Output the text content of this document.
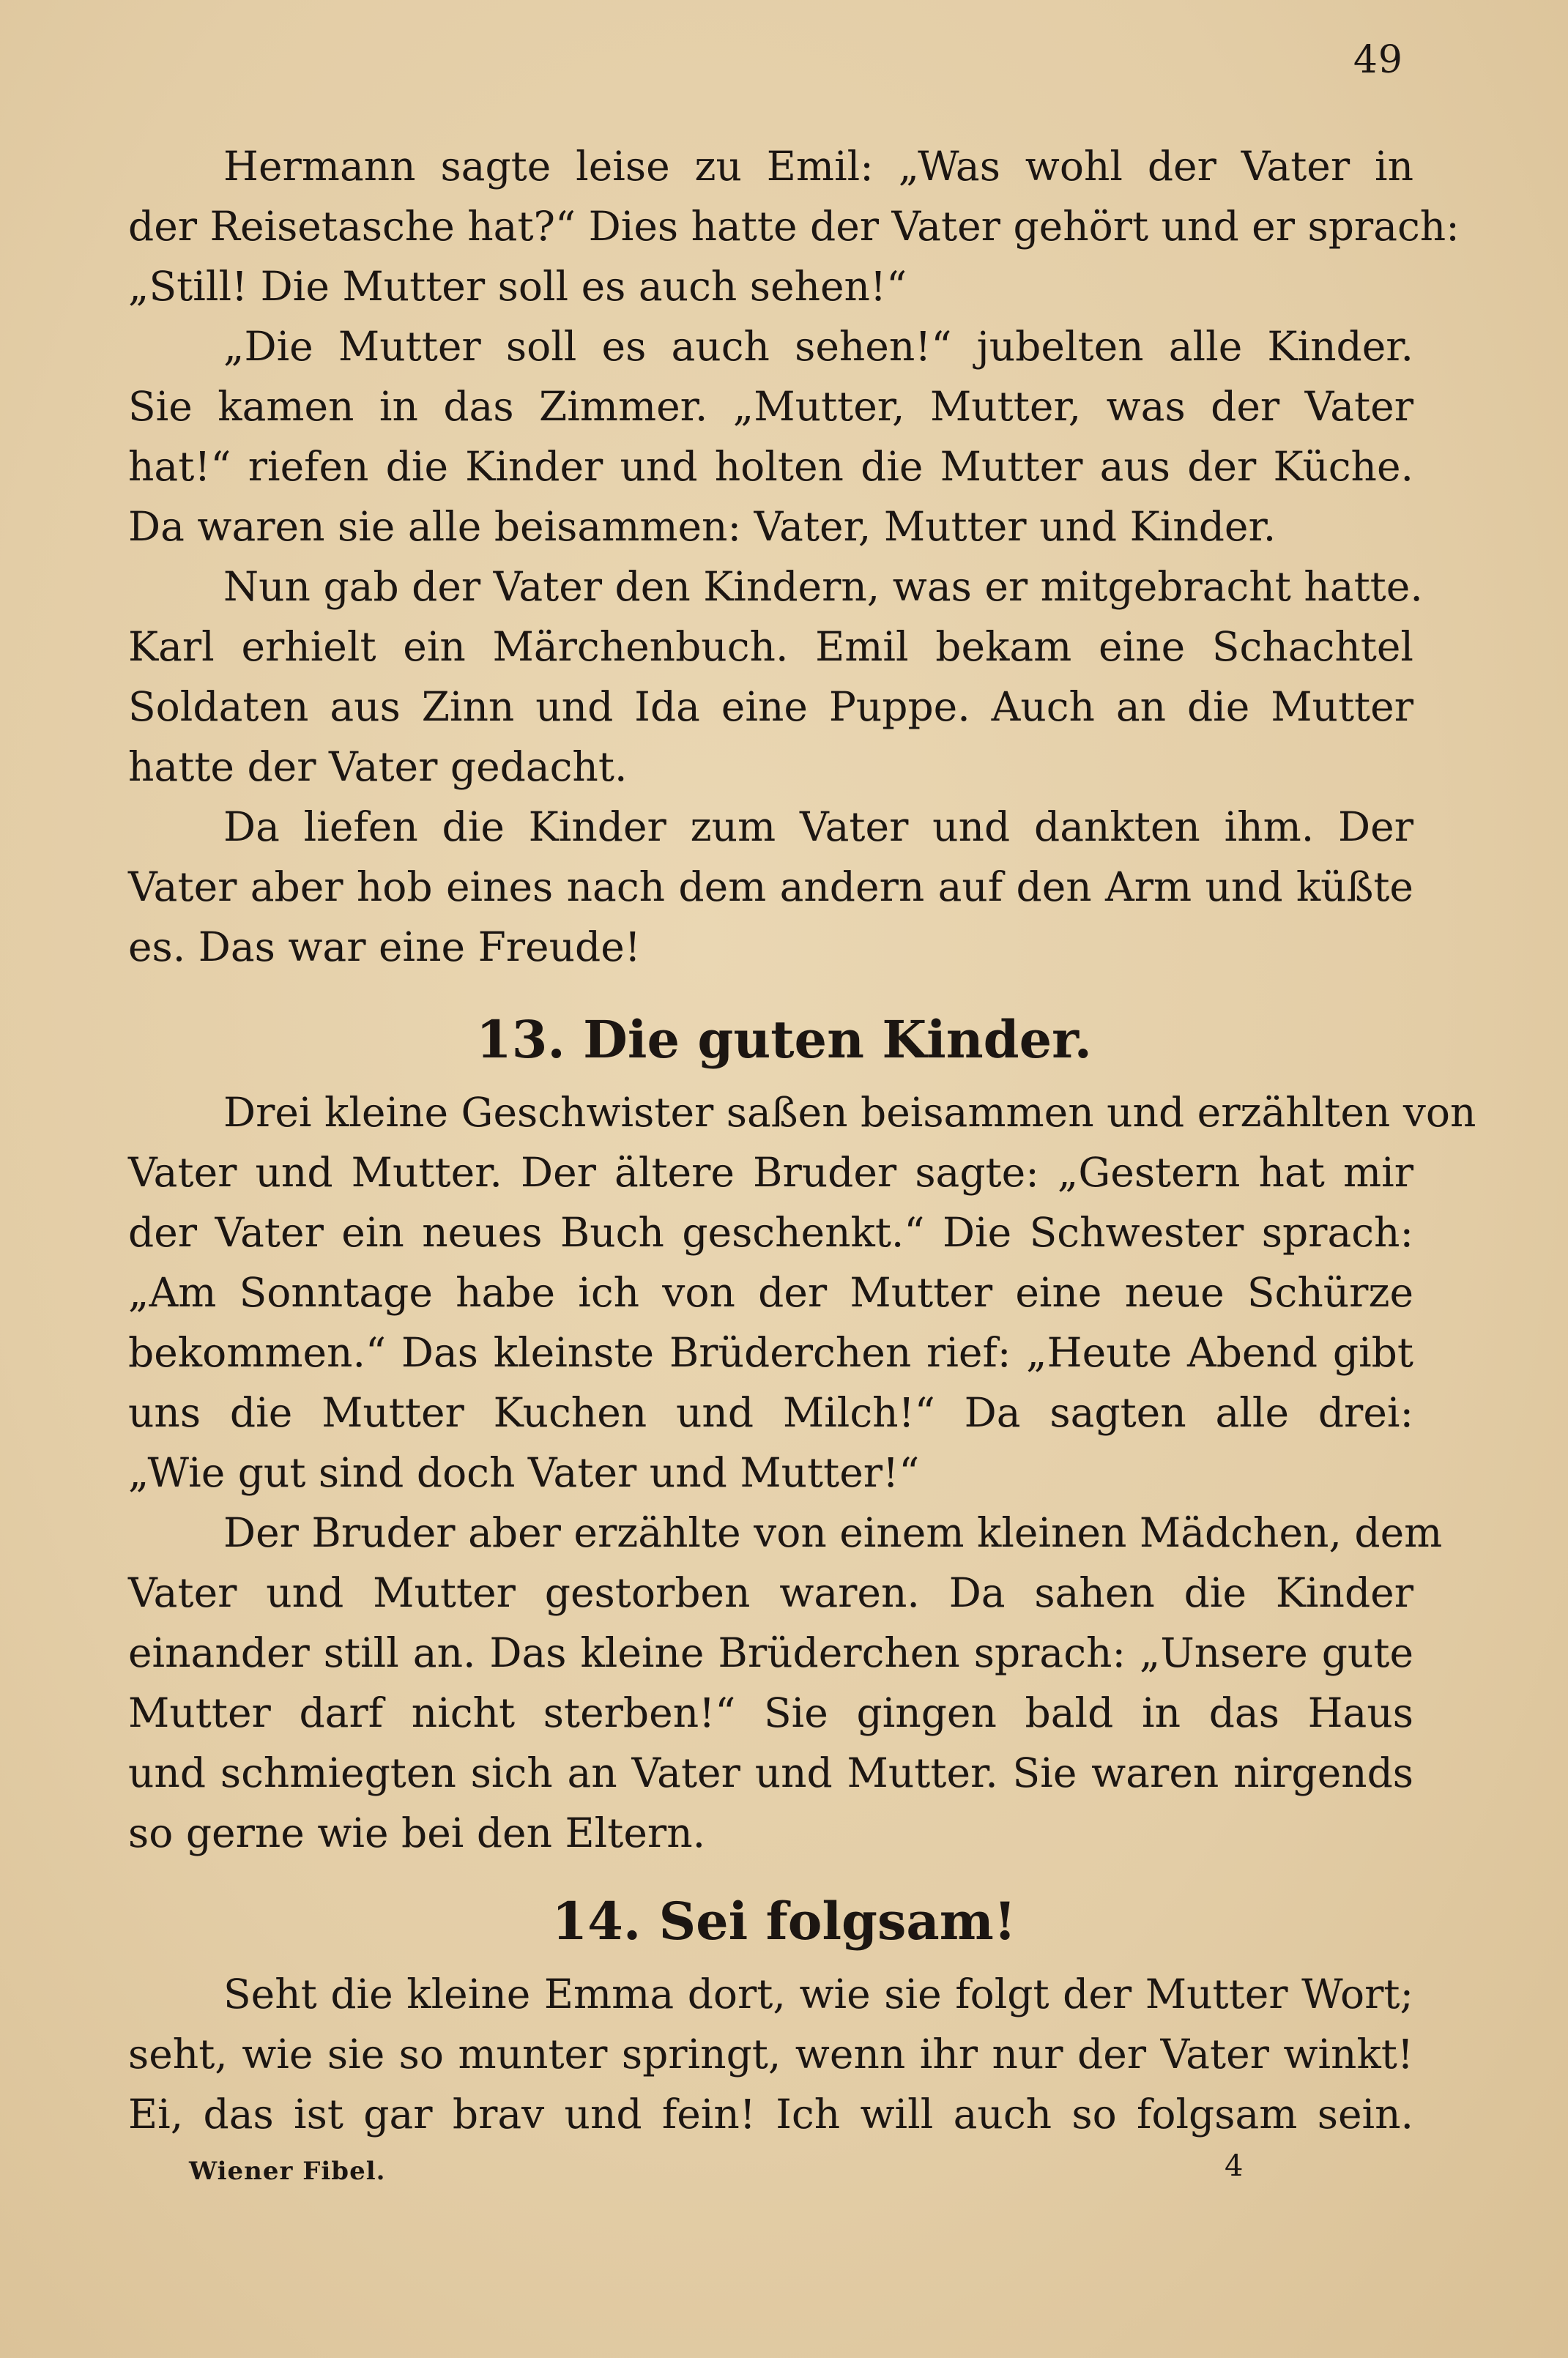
49
Hermann sagte leise zu Emil: „Was wohl der Vater in
der Reisetasche hat?“ Dies hatte der Vater gehört und er sprach:
„Still! Die Mutter soll es auch sehen!“
„Die Mutter soll es auch sehen!“ jubelten alle Kinder.
Sie kamen in das Zimmer. „Mutter, Mutter, was der Vater
hat!“ riefen die Kinder und holten die Mutter aus der Küche.
Da waren sie alle beisammen: Vater, Mutter und Kinder.
Nun gab der Vater den Kindern, was er mitgebracht hatte.
Karl erhielt ein Märchenbuch. Emil bekam eine Schachtel
Soldaten aus Zinn und Ida eine Puppe. Auch an die Mutter
hatte der Vater gedacht.
Da liefen die Kinder zum Vater und dankten ihm. Der
Vater aber hob eines nach dem andern auf den Arm und küßte
es. Das war eine Freude!
13. Die guten Kinder.
Drei kleine Geschwister saßen beisammen und erzählten von
Vater und Mutter. Der ältere Bruder sagte: „Gestern hat mir
der Vater ein neues Buch geschenkt.“ Die Schwester sprach:
„Am Sonntage habe ich von der Mutter eine neue Schürze
bekommen.“ Das kleinste Brüderchen rief: „Heute Abend gibt
uns die Mutter Kuchen und Milch!“ Da sagten alle drei:
„Wie gut sind doch Vater und Mutter!“
Der Bruder aber erzählte von einem kleinen Mädchen, dem
Vater und Mutter gestorben waren. Da sahen die Kinder
einander still an. Das kleine Brüderchen sprach: „Unsere gute
Mutter darf nicht sterben!“ Sie gingen bald in das Haus
und schmiegten sich an Vater und Mutter. Sie waren nirgends
so gerne wie bei den Eltern.
14. Sei folgsam!
Seht die kleine Emma dort, wie sie folgt der Mutter Wort;
seht, wie sie so munter springt, wenn ihr nur der Vater winkt!
Ei, das ist gar brav und fein! Ich will auch so folgsam sein.
Wiener Fibel.	4
